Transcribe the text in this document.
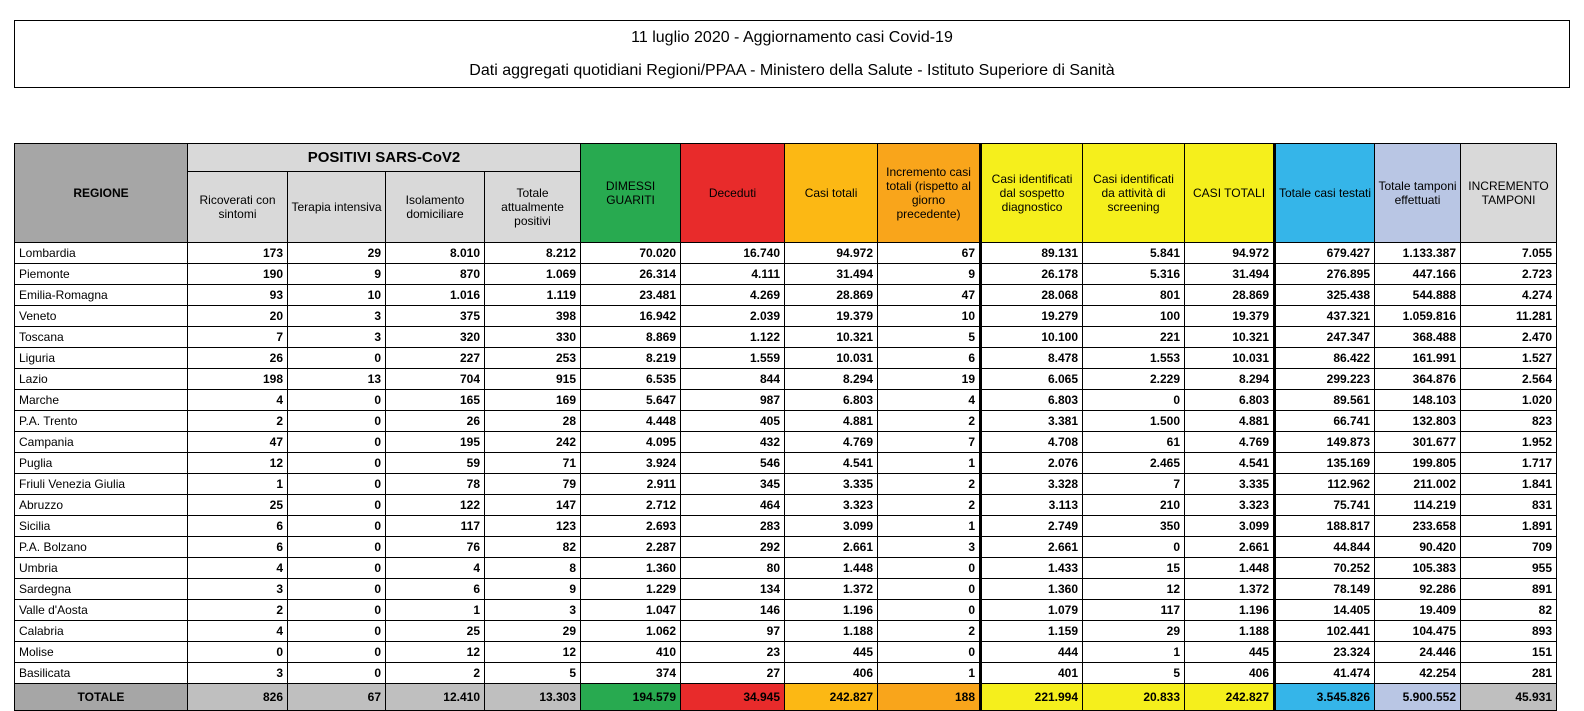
11 luglio 2020 - Aggiornamento casi Covid-19
Dati aggregati quotidiani Regioni/PPAA - Ministero della Salute - Istituto Superiore di Sanità
REGIONE	POSITIVI SARS-CoV2				DIMESSI GUARITI	Deceduti	Casi totali	Incremento casi totali (rispetto al giorno precedente)	Casi identificati dal sospetto diagnostico	Casi identificati da attività di screening	CASI TOTALI	Totale casi testati	Totale tamponi effettuati	INCREMENTO TAMPONI
	Ricoverati con sintomi	Terapia intensiva	Isolamento domiciliare	Totale attualmente positivi										
Lombardia	173	29	8.010	8.212	70.020	16.740	94.972	67	89.131	5.841	94.972	679.427	1.133.387	7.055
Piemonte	190	9	870	1.069	26.314	4.111	31.494	9	26.178	5.316	31.494	276.895	447.166	2.723
Emilia-Romagna	93	10	1.016	1.119	23.481	4.269	28.869	47	28.068	801	28.869	325.438	544.888	4.274
Veneto	20	3	375	398	16.942	2.039	19.379	10	19.279	100	19.379	437.321	1.059.816	11.281
Toscana	7	3	320	330	8.869	1.122	10.321	5	10.100	221	10.321	247.347	368.488	2.470
Liguria	26	0	227	253	8.219	1.559	10.031	6	8.478	1.553	10.031	86.422	161.991	1.527
Lazio	198	13	704	915	6.535	844	8.294	19	6.065	2.229	8.294	299.223	364.876	2.564
Marche	4	0	165	169	5.647	987	6.803	4	6.803	0	6.803	89.561	148.103	1.020
P.A. Trento	2	0	26	28	4.448	405	4.881	2	3.381	1.500	4.881	66.741	132.803	823
Campania	47	0	195	242	4.095	432	4.769	7	4.708	61	4.769	149.873	301.677	1.952
Puglia	12	0	59	71	3.924	546	4.541	1	2.076	2.465	4.541	135.169	199.805	1.717
Friuli Venezia Giulia	1	0	78	79	2.911	345	3.335	2	3.328	7	3.335	112.962	211.002	1.841
Abruzzo	25	0	122	147	2.712	464	3.323	2	3.113	210	3.323	75.741	114.219	831
Sicilia	6	0	117	123	2.693	283	3.099	1	2.749	350	3.099	188.817	233.658	1.891
P.A. Bolzano	6	0	76	82	2.287	292	2.661	3	2.661	0	2.661	44.844	90.420	709
Umbria	4	0	4	8	1.360	80	1.448	0	1.433	15	1.448	70.252	105.383	955
Sardegna	3	0	6	9	1.229	134	1.372	0	1.360	12	1.372	78.149	92.286	891
Valle d'Aosta	2	0	1	3	1.047	146	1.196	0	1.079	117	1.196	14.405	19.409	82
Calabria	4	0	25	29	1.062	97	1.188	2	1.159	29	1.188	102.441	104.475	893
Molise	0	0	12	12	410	23	445	0	444	1	445	23.324	24.446	151
Basilicata	3	0	2	5	374	27	406	1	401	5	406	41.474	42.254	281
TOTALE	826	67	12.410	13.303	194.579	34.945	242.827	188	221.994	20.833	242.827	3.545.826	5.900.552	45.931
